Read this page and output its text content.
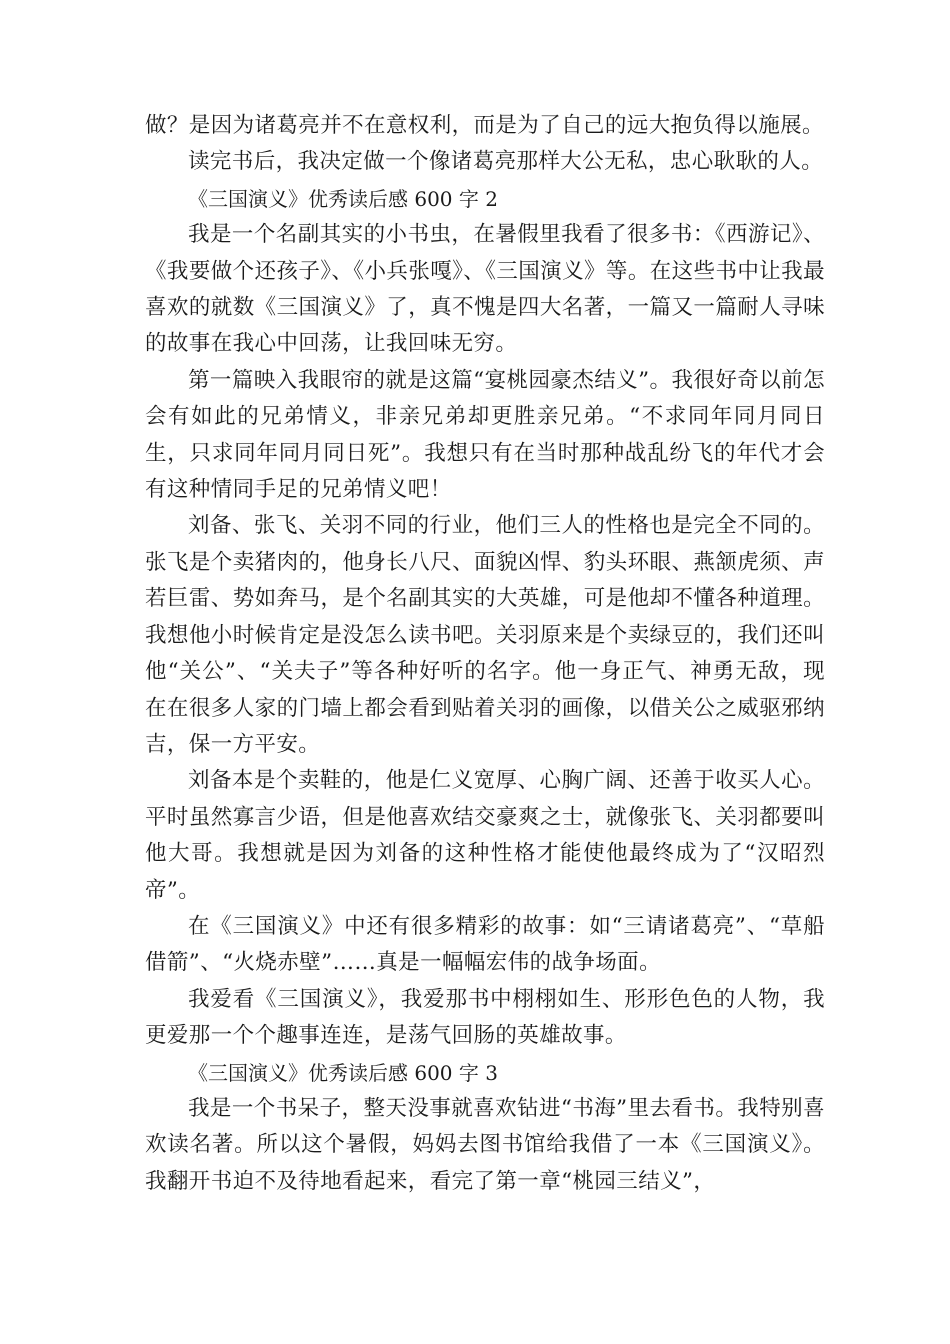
做？是因为诸葛亮并不在意权利，而是为了自己的远大抱负得以施展。

读完书后，我决定做一个像诸葛亮那样大公无私，忠心耿耿的人。

《三国演义》优秀读后感 600 字 2

我是一个名副其实的小书虫，在暑假里我看了很多书：《西游记》、《我要做个还孩子》、《小兵张嘎》、《三国演义》等。在这些书中让我最喜欢的就数《三国演义》了，真不愧是四大名著，一篇又一篇耐人寻味的故事在我心中回荡，让我回味无穷。

第一篇映入我眼帘的就是这篇“宴桃园豪杰结义”。我很好奇以前怎会有如此的兄弟情义，非亲兄弟却更胜亲兄弟。“不求同年同月同日生，只求同年同月同日死”。我想只有在当时那种战乱纷飞的年代才会有这种情同手足的兄弟情义吧！

刘备、张飞、关羽不同的行业，他们三人的性格也是完全不同的。张飞是个卖猪肉的，他身长八尺、面貌凶悍、豹头环眼、燕颔虎须、声若巨雷、势如奔马，是个名副其实的大英雄，可是他却不懂各种道理。我想他小时候肯定是没怎么读书吧。关羽原来是个卖绿豆的，我们还叫他“关公”、“关夫子”等各种好听的名字。他一身正气、神勇无敌，现在在很多人家的门墙上都会看到贴着关羽的画像，以借关公之威驱邪纳吉，保一方平安。

刘备本是个卖鞋的，他是仁义宽厚、心胸广阔、还善于收买人心。平时虽然寡言少语，但是他喜欢结交豪爽之士，就像张飞、关羽都要叫他大哥。我想就是因为刘备的这种性格才能使他最终成为了“汉昭烈帝”。

在《三国演义》中还有很多精彩的故事：如“三请诸葛亮”、“草船借箭”、“火烧赤壁”……真是一幅幅宏伟的战争场面。

我爱看《三国演义》，我爱那书中栩栩如生、形形色色的人物，我更爱那一个个趣事连连，是荡气回肠的英雄故事。

《三国演义》优秀读后感 600 字 3

我是一个书呆子，整天没事就喜欢钻进“书海”里去看书。我特别喜欢读名著。所以这个暑假，妈妈去图书馆给我借了一本《三国演义》。我翻开书迫不及待地看起来，看完了第一章“桃园三结义”，
